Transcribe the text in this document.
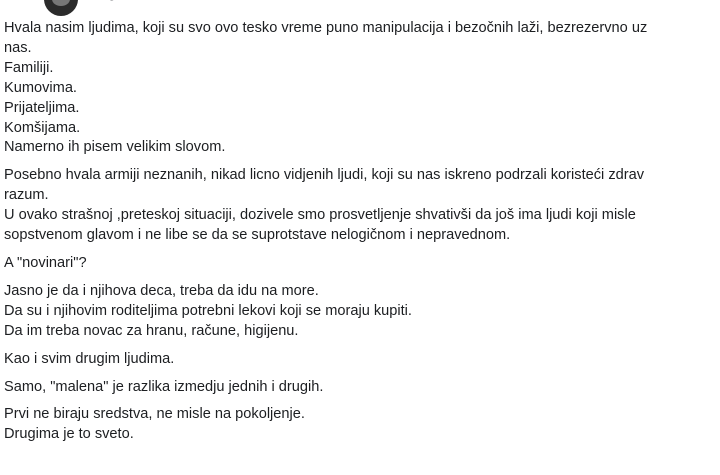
Hvala nasim ljudima, koji su svo ovo tesko vreme puno manipulacija i bezočnih laži, bezrezervno uz
nas.
Familiji.
Kumovima.
Prijateljima.
Komšijama.
Namerno ih pisem velikim slovom.

Posebno hvala armiji neznanih, nikad licno vidjenih ljudi, koji su nas iskreno podrzali koristeći zdrav
razum.
U ovako strašnoj ,preteskoj situaciji, dozivele smo prosvetljenje shvativši da još ima ljudi koji misle
sopstvenom glavom i ne libe se da se suprotstave nelogičnom i nepravednom.

A "novinari"?

Jasno je da i njihova deca, treba da idu na more.
Da su i njihovim roditeljima potrebni lekovi koji se moraju kupiti.
Da im treba novac za hranu, račune, higijenu.

Kao i svim drugim ljudima.

Samo, "malena" je razlika izmedju jednih i drugih.

Prvi ne biraju sredstva, ne misle na pokoljenje.
Drugima je to sveto.
